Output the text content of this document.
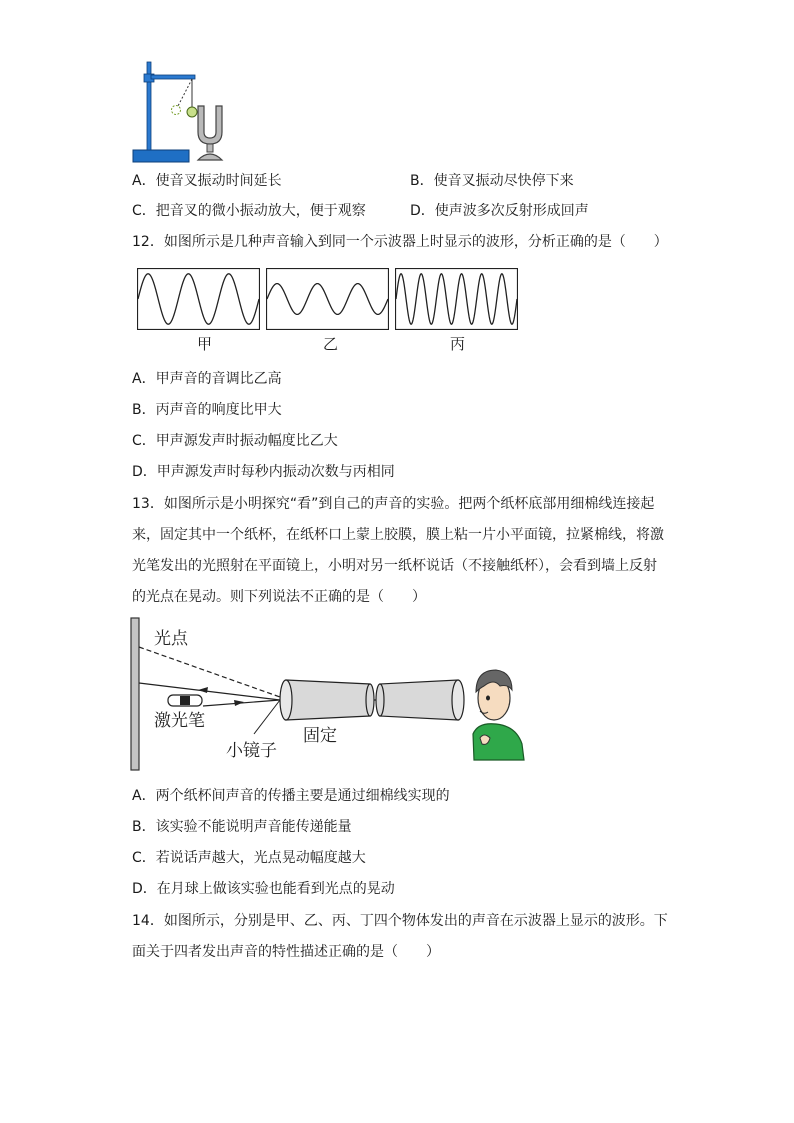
A．使音叉振动时间延长	B．使音叉振动尽快停下来
C．把音叉的微小振动放大，便于观察	D．使声波多次反射形成回声
12．如图所示是几种声音输入到同一个示波器上时显示的波形，分析正确的是（　　）
甲	乙	丙
A．甲声音的音调比乙高
B．丙声音的响度比甲大
C．甲声源发声时振动幅度比乙大
D．甲声源发声时每秒内振动次数与丙相同
13．如图所示是小明探究“看”到自己的声音的实验。把两个纸杯底部用细棉线连接起
来，固定其中一个纸杯，在纸杯口上蒙上胶膜，膜上粘一片小平面镜，拉紧棉线，将激
光笔发出的光照射在平面镜上，小明对另一纸杯说话（不接触纸杯），会看到墙上反射
的光点在晃动。则下列说法不正确的是（　　）
光点
激光笔
小镜子
固定
A．两个纸杯间声音的传播主要是通过细棉线实现的
B．该实验不能说明声音能传递能量
C．若说话声越大，光点晃动幅度越大
D．在月球上做该实验也能看到光点的晃动
14．如图所示，分别是甲、乙、丙、丁四个物体发出的声音在示波器上显示的波形。下
面关于四者发出声音的特性描述正确的是（　　）
